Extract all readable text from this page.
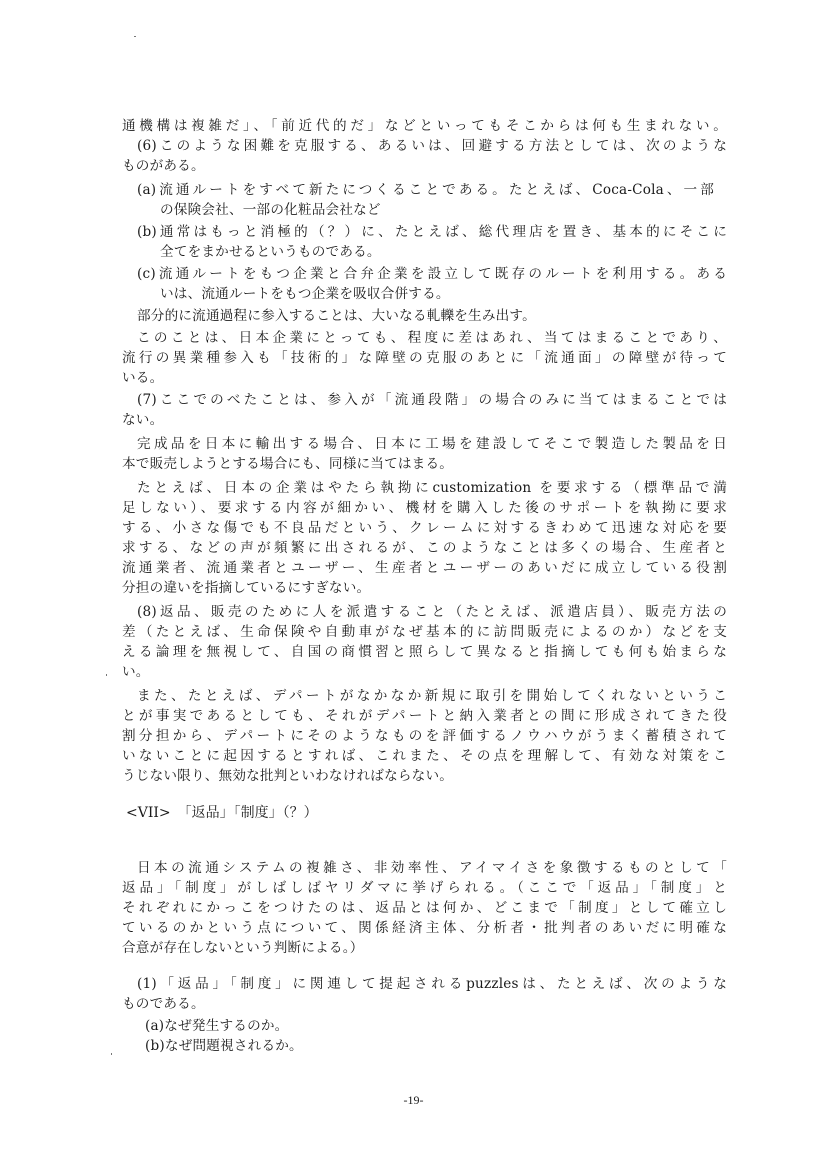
通機構は複雑だ」、「前近代的だ」などといってもそこからは何も生まれない。
(6)このような困難を克服する、あるいは、回避する方法としては、次のような
ものがある。
(a)流通ルートをすべて新たにつくることである。たとえば、Coca-Cola、一部
の保険会社、一部の化粧品会社など
(b)通常はもっと消極的（？）に、たとえば、総代理店を置き、基本的にそこに
全てをまかせるというものである。
(c)流通ルートをもつ企業と合弁企業を設立して既存のルートを利用する。ある
いは、流通ルートをもつ企業を吸収合併する。
部分的に流通過程に参入することは、大いなる軋轢を生み出す。
このことは、日本企業にとっても、程度に差はあれ、当てはまることであり、
流行の異業種参入も「技術的」な障壁の克服のあとに「流通面」の障壁が待って
いる。
(7)ここでのべたことは、参入が「流通段階」の場合のみに当てはまることでは
ない。
完成品を日本に輸出する場合、日本に工場を建設してそこで製造した製品を日
本で販売しようとする場合にも、同様に当てはまる。
たとえば、日本の企業はやたら執拗にcustomization を要求する（標準品で満
足しない）、要求する内容が細かい、機材を購入した後のサポートを執拗に要求
する、小さな傷でも不良品だという、クレームに対するきわめて迅速な対応を要
求する、などの声が頻繁に出されるが、このようなことは多くの場合、生産者と
流通業者、流通業者とユーザー、生産者とユーザーのあいだに成立している役割
分担の違いを指摘しているにすぎない。
(8)返品、販売のために人を派遣すること（たとえば、派遣店員）、販売方法の
差（たとえば、生命保険や自動車がなぜ基本的に訪問販売によるのか）などを支
える論理を無視して、自国の商慣習と照らして異なると指摘しても何も始まらな
い。
また、たとえば、デパートがなかなか新規に取引を開始してくれないというこ
とが事実であるとしても、それがデパートと納入業者との間に形成されてきた役
割分担から、デパートにそのようなものを評価するノウハウがうまく蓄積されて
いないことに起因するとすれば、これまた、その点を理解して、有効な対策をこ
うじない限り、無効な批判といわなければならない。
<VII>　「返品」「制度」（？）
日本の流通システムの複雑さ、非効率性、アイマイさを象徴するものとして「
返品」「制度」がしばしばヤリダマに挙げられる。（ここで「返品」「制度」と
それぞれにかっこをつけたのは、返品とは何か、どこまで「制度」として確立し
ているのかという点について、関係経済主体、分析者・批判者のあいだに明確な
合意が存在しないという判断による。）
(1)「返品」「制度」に関連して提起されるpuzzlesは、たとえば、次のような
ものである。
(a)なぜ発生するのか。
(b)なぜ問題視されるか。
-19-
